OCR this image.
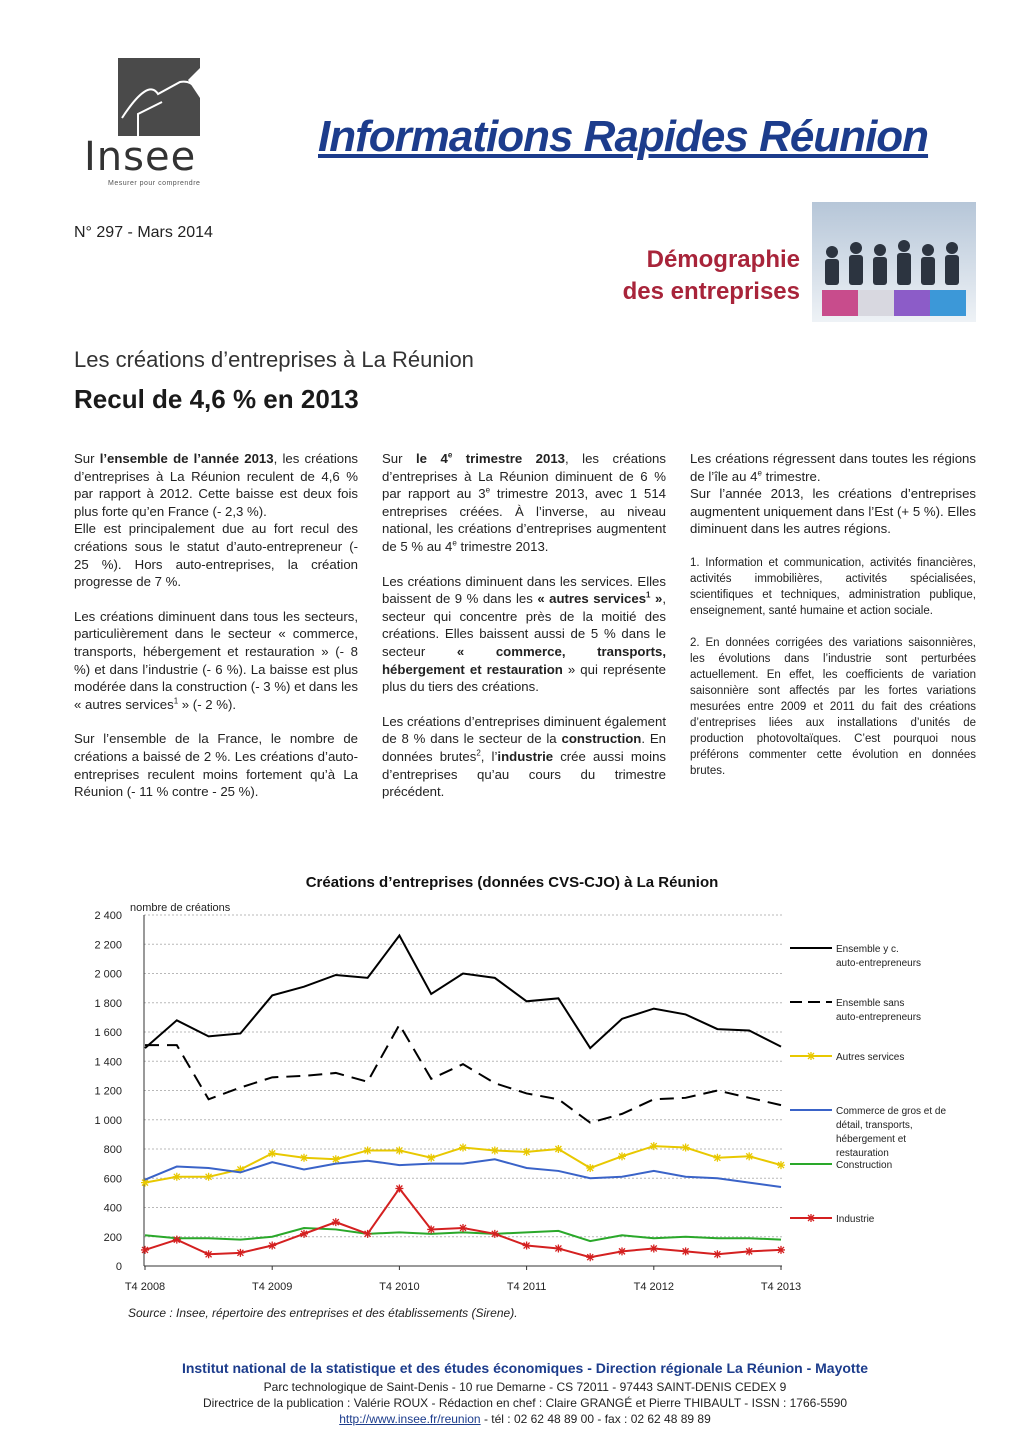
Insee
Mesurer pour comprendre
Informations Rapides Réunion
N° 297 - Mars 2014
Démographie
des entreprises
Les créations d’entreprises à La Réunion
Recul de 4,6 % en 2013

Sur l’ensemble de l’année 2013, les créations d’entreprises à La Réunion reculent de 4,6 % par rapport à 2012. Cette baisse est deux fois plus forte qu’en France (- 2,3 %).
Elle est principalement due au fort recul des créations sous le statut d’auto-entrepreneur (- 25 %). Hors auto-entreprises, la création progresse de 7 %.

Les créations diminuent dans tous les secteurs, particulièrement dans le secteur « commerce, transports, hébergement et restauration » (- 8 %) et dans l’industrie (- 6 %). La baisse est plus modérée dans la construction (- 3 %) et dans les « autres services$^1$ » (- 2 %).

Sur l’ensemble de la France, le nombre de créations a baissé de 2 %. Les créations d’auto-entreprises reculent moins fortement qu’à La Réunion (- 11 % contre - 25 %).

Sur le 4e trimestre 2013, les créations d’entreprises à La Réunion diminuent de 6 % par rapport au 3e trimestre 2013, avec 1 514 entreprises créées. À l’inverse, au niveau national, les créations d’entreprises augmentent de 5 % au 4e trimestre 2013.

Les créations diminuent dans les services. Elles baissent de 9 % dans les « autres services$^1$ », secteur qui concentre près de la moitié des créations. Elles baissent aussi de 5 % dans le secteur « commerce, transports, hébergement et restauration » qui représente plus du tiers des créations.

Les créations d’entreprises diminuent également de 8 % dans le secteur de la construction. En données brutes$^2$, l’industrie crée aussi moins d’entreprises qu’au cours du trimestre précédent.

Les créations régressent dans toutes les régions de l’île au 4e trimestre.
Sur l’année 2013, les créations d’entreprises augmentent uniquement dans l’Est (+ 5 %). Elles diminuent dans les autres régions.

1. Information et communication, activités financières, activités immobilières, activités spécialisées, scientifiques et techniques, administration publique, enseignement, santé humaine et action sociale.

2. En données corrigées des variations saisonnières, les évolutions dans l’industrie sont perturbées actuellement. En effet, les coefficients de variation saisonnière sont affectés par les fortes variations mesurées entre 2009 et 2011 du fait des créations d’entreprises liées aux installations d’unités de production photovoltaïques. C’est pourquoi nous préférons commenter cette évolution en données brutes.

Créations d’entreprises (données CVS-CJO) à La Réunion
0
200
400
600
800
1 000
1 200
1 400
1 600
1 800
2 000
2 200
2 400
nombre de créations
T4 2008	T4 2009	T4 2010	T4 2011	T4 2012	T4 2013
Ensemble y c.
auto-entrepreneurs
Ensemble sans
auto-entrepreneurs
Autres services
Commerce de gros et de
détail, transports,
hébergement et
restauration
Construction
Industrie
Source : Insee, répertoire des entreprises et des établissements (Sirene).
Institut national de la statistique et des études économiques - Direction régionale La Réunion - Mayotte
Parc technologique de Saint-Denis - 10 rue Demarne - CS 72011 - 97443 SAINT-DENIS CEDEX 9
Directrice de la publication : Valérie ROUX - Rédaction en chef : Claire GRANGÉ et Pierre THIBAULT - ISSN : 1766-5590
http://www.insee.fr/reunion - tél : 02 62 48 89 00 - fax : 02 62 48 89 89
